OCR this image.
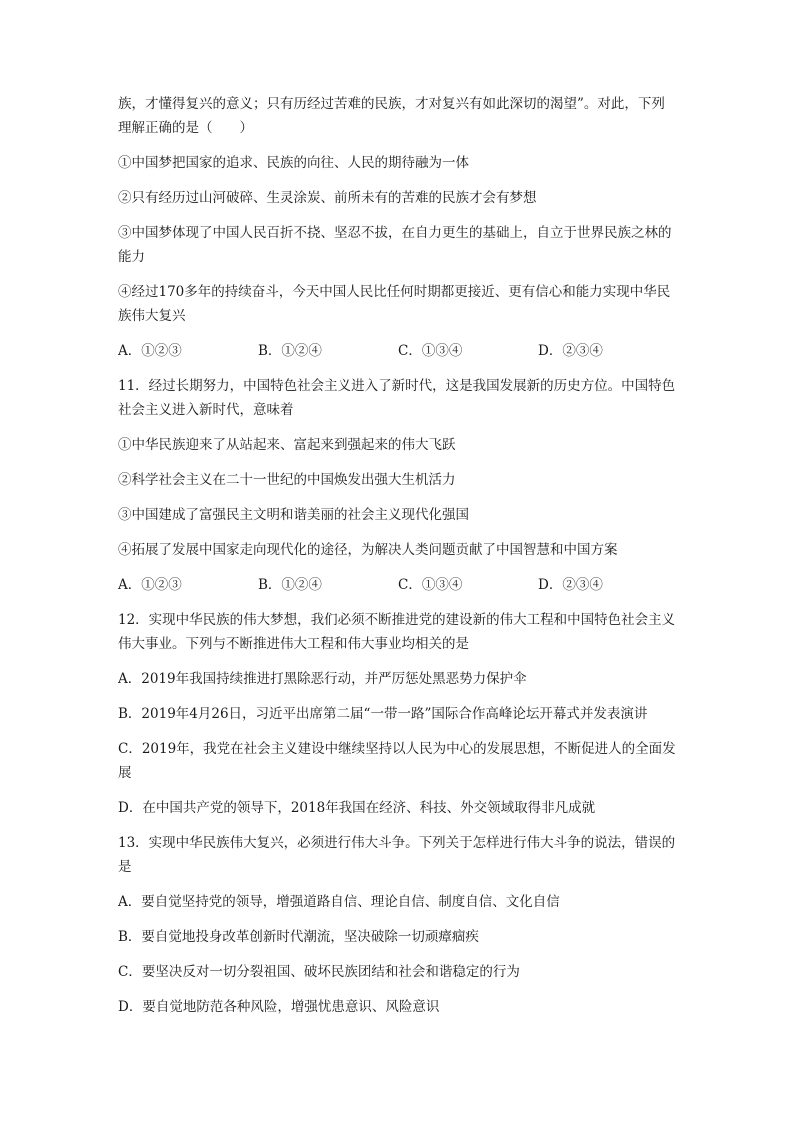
族，才懂得复兴的意义；只有历经过苦难的民族，才对复兴有如此深切的渴望”。对此，下列理解正确的是（　　）

①中国梦把国家的追求、民族的向往、人民的期待融为一体

②只有经历过山河破碎、生灵涂炭、前所未有的苦难的民族才会有梦想

③中国梦体现了中国人民百折不挠、坚忍不拔，在自力更生的基础上，自立于世界民族之林的能力

④经过170多年的持续奋斗，今天中国人民比任何时期都更接近、更有信心和能力实现中华民族伟大复兴

A．①②③	B．①②④	C．①③④	D．②③④

11．经过长期努力，中国特色社会主义进入了新时代，这是我国发展新的历史方位。中国特色社会主义进入新时代，意味着

①中华民族迎来了从站起来、富起来到强起来的伟大飞跃

②科学社会主义在二十一世纪的中国焕发出强大生机活力

③中国建成了富强民主文明和谐美丽的社会主义现代化强国

④拓展了发展中国家走向现代化的途径，为解决人类问题贡献了中国智慧和中国方案

A．①②③	B．①②④	C．①③④	D．②③④

12．实现中华民族的伟大梦想，我们必须不断推进党的建设新的伟大工程和中国特色社会主义伟大事业。下列与不断推进伟大工程和伟大事业均相关的是

A．2019年我国持续推进打黑除恶行动，并严厉惩处黑恶势力保护伞

B．2019年4月26日，习近平出席第二届“一带一路”国际合作高峰论坛开幕式并发表演讲

C．2019年，我党在社会主义建设中继续坚持以人民为中心的发展思想，不断促进人的全面发展

D．在中国共产党的领导下，2018年我国在经济、科技、外交领域取得非凡成就

13．实现中华民族伟大复兴，必须进行伟大斗争。下列关于怎样进行伟大斗争的说法，错误的是

A．要自觉坚持党的领导，增强道路自信、理论自信、制度自信、文化自信

B．要自觉地投身改革创新时代潮流，坚决破除一切顽瘴痼疾

C．要坚决反对一切分裂祖国、破坏民族团结和社会和谐稳定的行为

D．要自觉地防范各种风险，增强忧患意识、风险意识
